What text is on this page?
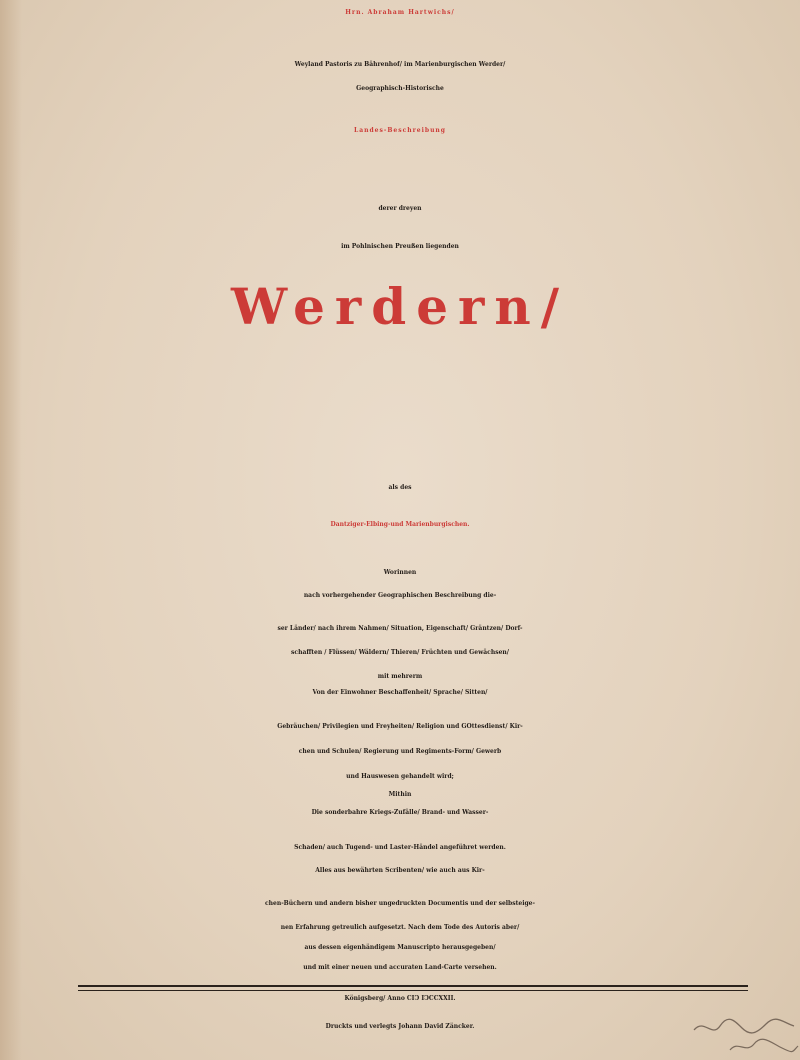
Hrn. Abraham Hartwichs/
Weyland Pastoris zu Bährenhof/ im Marienburgischen Werder/
Geographisch-Historische
Landes-Beschreibung
derer dreyen
im Pohlnischen Preußen liegenden
Werdern/
als des
Dantziger-Elbing-und Marienburgischen.
Worinnen
nach vorhergehender Geographischen Beschreibung die-
ser Länder/ nach ihrem Nahmen/ Situation, Eigenschaft/ Gräntzen/ Dorf-
schafften / Flüssen/ Wäldern/ Thieren/ Früchten und Gewächsen/
mit mehrerm
Von der Einwohner Beschaffenheit/ Sprache/ Sitten/
Gebräuchen/ Privilegien und Freyheiten/ Religion und GOttesdienst/ Kir-
chen und Schulen/ Regierung und Regiments-Form/ Gewerb
und Hauswesen gehandelt wird;
Mithin
Die sonderbahre Kriegs-Zufälle/ Brand- und Wasser-
Schaden/ auch Tugend- und Laster-Händel angeführet werden.
Alles aus bewährten Scribenten/ wie auch aus Kir-
chen-Büchern und andern bisher ungedruckten Documentis und der selbsteige-
nen Erfahrung getreulich aufgesetzt. Nach dem Tode des Autoris aber/
aus dessen eigenhändigem Manuscripto herausgegeben/
und mit einer neuen und accuraten Land-Carte versehen.
Königsberg/ Anno CIↃ IↃCCXXII.
Druckts und verlegts Johann David Zäncker.
